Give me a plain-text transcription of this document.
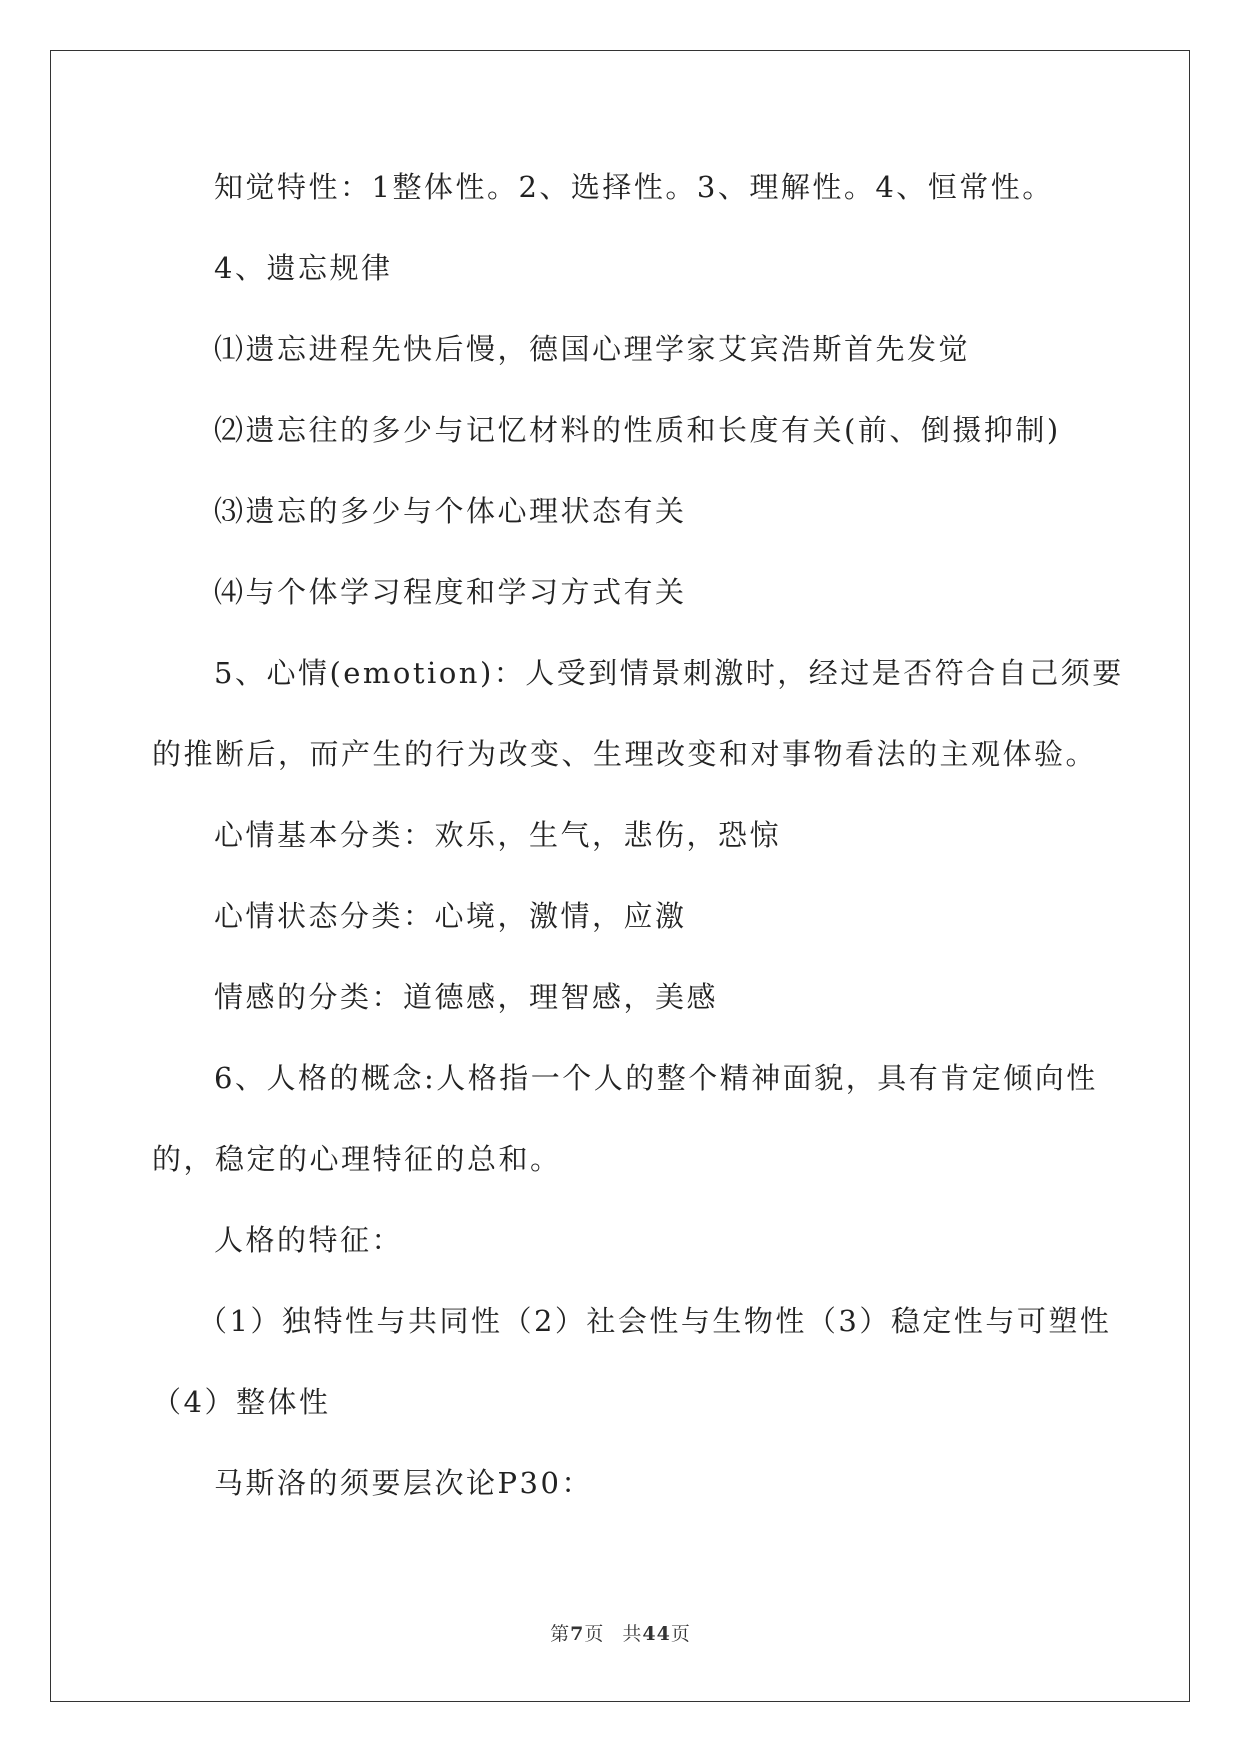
知觉特性：1整体性。2、选择性。3、理解性。4、恒常性。
4、遗忘规律
⑴遗忘进程先快后慢，德国心理学家艾宾浩斯首先发觉
⑵遗忘往的多少与记忆材料的性质和长度有关(前、倒摄抑制)
⑶遗忘的多少与个体心理状态有关
⑷与个体学习程度和学习方式有关
5、心情(emotion)：人受到情景刺激时，经过是否符合自己须要
的推断后，而产生的行为改变、生理改变和对事物看法的主观体验。
心情基本分类：欢乐，生气，悲伤，恐惊
心情状态分类：心境，激情，应激
情感的分类：道德感，理智感，美感
6、人格的概念:人格指一个人的整个精神面貌，具有肯定倾向性
的，稳定的心理特征的总和。
人格的特征：
（1）独特性与共同性（2）社会性与生物性（3）稳定性与可塑性
（4）整体性
马斯洛的须要层次论P30：
第7页 共44页
